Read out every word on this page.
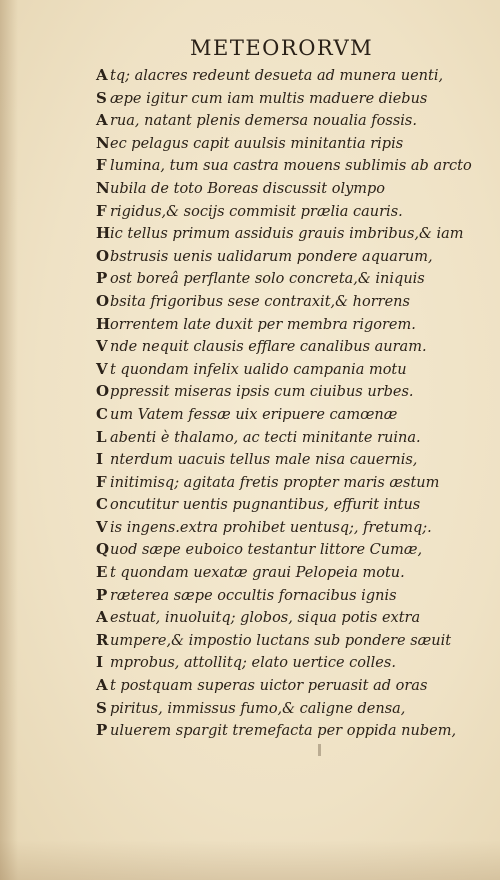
METEORORVM
A tq; alacres redeunt desueta ad munera uenti,
S æpe igitur cum iam multis maduere diebus
A rua, natant plenis demersa noualia fossis.
Nec pelagus capit auulsis minitantia ripis
F lumina, tum sua castra mouens sublimis ab arcto
Nubila de toto Boreas discussit olympo
F rigidus,& socijs commisit prælia cauris.
Hic tellus primum assiduis grauis imbribus,& iam
Obstrusis uenis ualidarum pondere aquarum,
P ost boreâ perflante solo concreta,& iniquis
Obsita frigoribus sese contraxit,& horrens
Horrentem late duxit per membra rigorem.
V nde nequit clausis efflare canalibus auram.
V t quondam infelix ualido campania motu
Oppressit miseras ipsis cum ciuibus urbes.
C um Vatem fessæ uix eripuere camœnæ
L abenti è thalamo, ac tecti minitante ruina.
I nterdum uacuis tellus male nisa cauernis,
F initimisq; agitata fretis propter maris æstum
C oncutitur uentis pugnantibus, effurit intus
V is ingens.extra prohibet uentusq;, fretumq;.
Quod sæpe euboico testantur littore Cumæ,
E t quondam uexatæ graui Pelopeia motu.
P ræterea sæpe occultis fornacibus ignis
A estuat, inuoluitq; globos, siqua potis extra
R umpere,& impostio luctans sub pondere sæuit
I mprobus, attollitq; elato uertice colles.
A t postquam superas uictor peruasit ad oras
S piritus, immissus fumo,& caligne densa,
P uluerem spargit tremefacta per oppida nubem,
